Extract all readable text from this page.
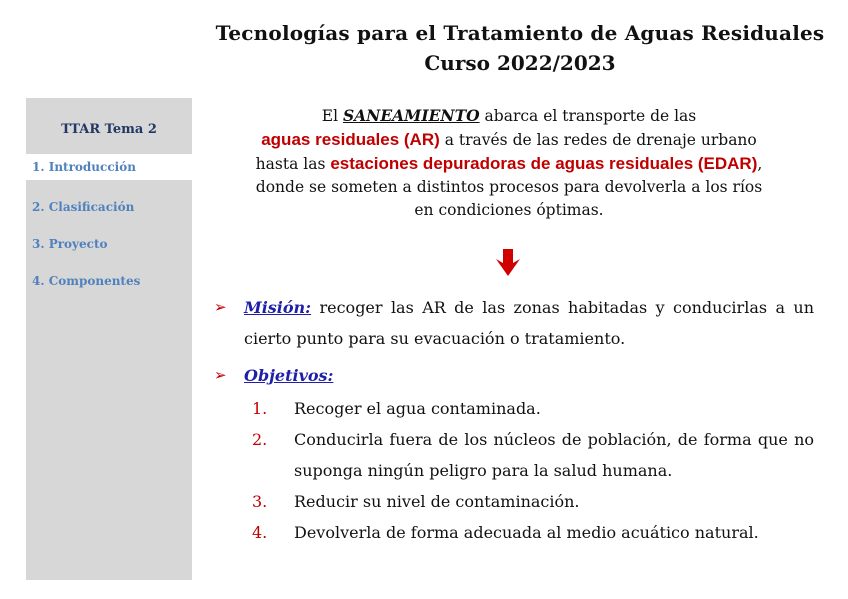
Tecnologías para el Tratamiento de Aguas Residuales
Curso 2022/2023
TTAR Tema 2
1. Introducción
2. Clasificación
3. Proyecto
4. Componentes
El SANEAMIENTO abarca el transporte de las
aguas residuales (AR) a través de las redes de drenaje urbano
hasta las estaciones depuradoras de aguas residuales (EDAR),
donde se someten a distintos procesos para devolverla a los ríos
en condiciones óptimas.
➢ Misión: recoger las AR de las zonas habitadas y conducirlas a un cierto punto para su evacuación o tratamiento.
➢ Objetivos:
1. Recoger el agua contaminada.
2. Conducirla fuera de los núcleos de población, de forma que no suponga ningún peligro para la salud humana.
3. Reducir su nivel de contaminación.
4. Devolverla de forma adecuada al medio acuático natural.
